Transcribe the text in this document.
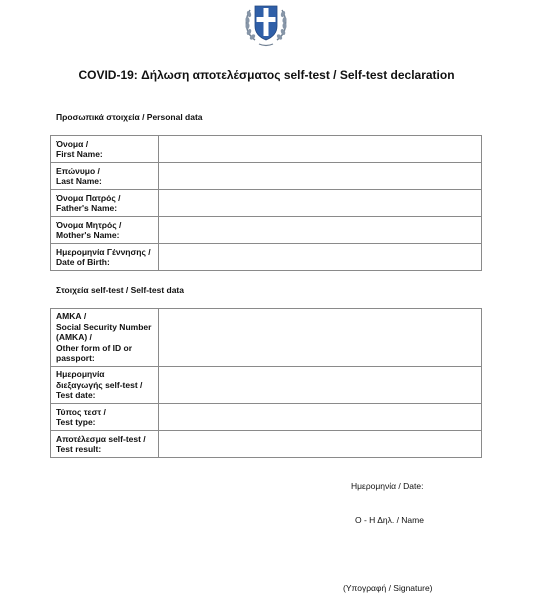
COVID-19: Δήλωση αποτελέσματος self-test / Self-test declaration
Προσωπικά στοιχεία / Personal data
Όνομα /
First Name:	

Επώνυμο /
Last Name:	

Όνομα Πατρός /
Father's Name:	

Όνομα Μητρός /
Mother's Name:	

Ημερομηνία Γέννησης /
Date of Birth:	

Στοιχεία self-test / Self-test data
ΑΜΚΑ /
Social Security Number
(AMKA) /
Other form of ID or
passport:	

Ημερομηνία
διεξαγωγής self-test /
Test date:	

Τύπος τεστ /
Test type:	

Αποτέλεσμα self-test /
Test result:	

Ημερομηνία / Date:
Ο - Η Δηλ. / Name
(Υπογραφή / Signature)
